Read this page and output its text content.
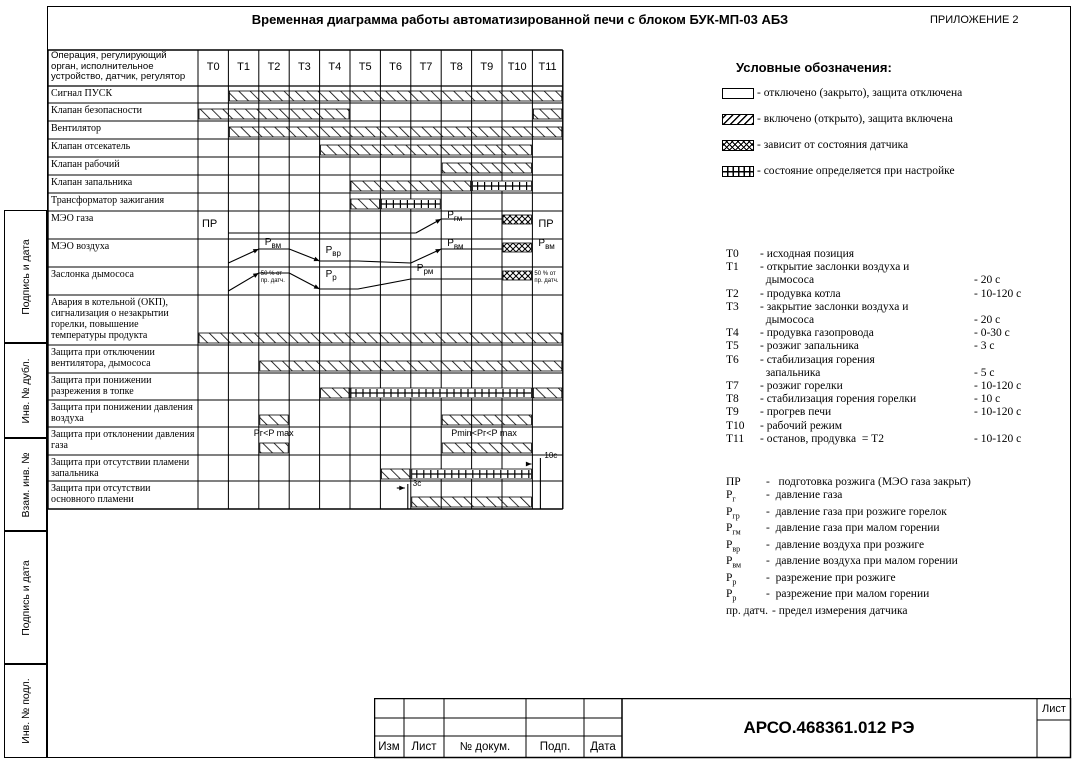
Временная диаграмма работы автоматизированной печи с блоком БУК-МП-03 АБЗ	ПРИЛОЖЕНИЕ 2
Подпись и дата
Инв. № дубл.
Взам. инв. №
Подпись и дата
Инв. № подл.
Операция, регулирующий орган, исполнительное устройство, датчик, регулятор
T0	T1	T2	T3	T4	T5	T6	T7	T8	T9	T10	T11
Сигнал ПУСК
Клапан безопасности
Вентилятор
Клапан отсекатель
Клапан рабочий
Клапан запальника
Трансформатор зажигания
МЭО газа
МЭО воздуха
Заслонка дымососа
Авария в котельной (ОКП), сигнализация о незакрытии горелки, повышение температуры продукта
Защита при отключении вентилятора, дымососа
Защита при понижении разрежения в топке
Защита при понижении давления воздуха
Защита при отклонении давления газа
Защита при отсутствии пламени запальника
Защита при отсутствии основного пламени
ПР	ПР
$P_{гм}$
$P_{вм}$	$P_{вр}$
$P_{вм}$	$P_{вм}$
50 % от
пр. датч.
50 % от
пр. датч.
$P_р$
$P_{рм}$
Pг<P max	Pmin<Pг<P max
10с
3с
Условные обозначения:
- отключено (закрыто), защита отключена
- включено (открыто), защита включена
- зависит от состояния датчика
- состояние определяется при настройке
T0	- исходная позиция
T1	- открытие заслонки воздуха и
дымососа	- 20 с
T2	- продувка котла	- 10-120 с
T3	- закрытие заслонки воздуха и
дымососа	- 20 с
T4	- продувка газопровода	- 0-30 с
T5	- розжиг запальника	- 3 с
T6	- стабилизация горения
запальника	- 5 с
T7	- розжиг горелки	- 10-120 с
T8	- стабилизация горения горелки	- 10 с
T9	- прогрев печи	- 10-120 с
T10	- рабочий режим
T11	- останов, продувка  = T2	- 10-120 с
ПР	-   подготовка розжига (МЭО газа закрыт)
$P_г$	-  давление газа
$P_{гр}$	-  давление газа при розжиге горелок
$P_{гм}$	-  давление газа при малом горении
$P_{вр}$	-  давление воздуха при розжиге
$P_{вм}$	-  давление воздуха при малом горении
$P_р$	-  разрежение при розжиге
$P_р$	-  разрежение при малом горении
пр. датч. - предел измерения датчика
Изм	Лист	№ докум.	Подп.	Дата
АРСО.468361.012 РЭ
Лист
